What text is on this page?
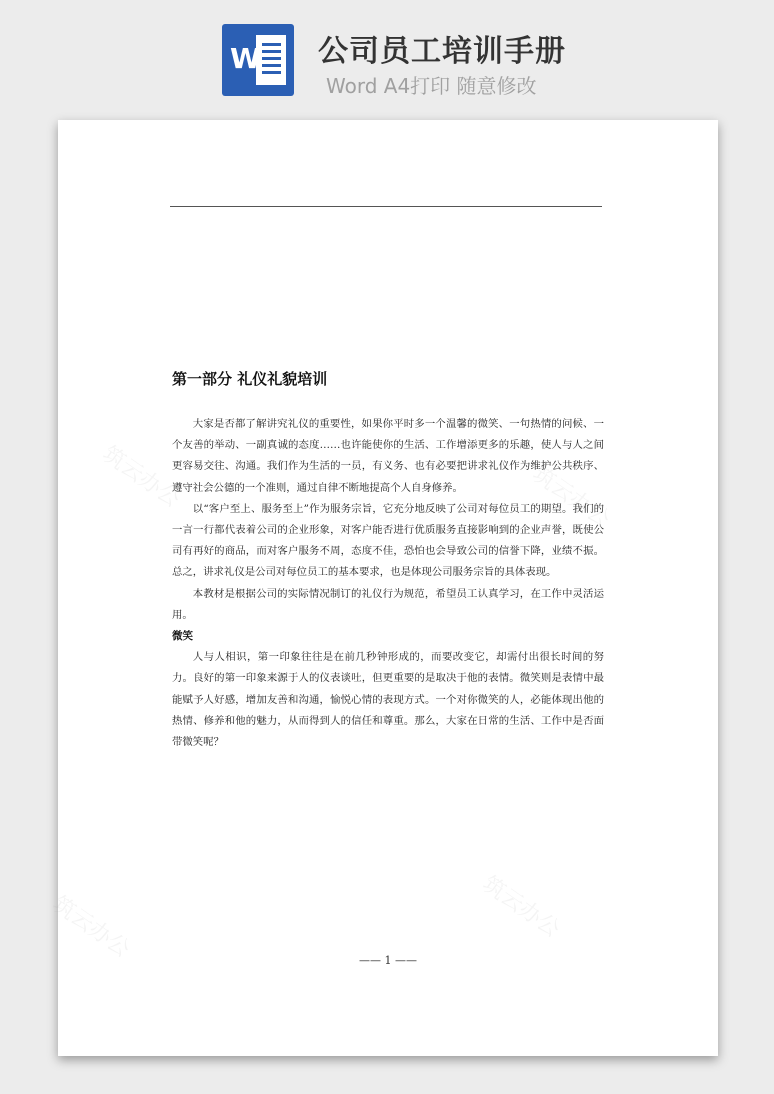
W 公司员工培训手册
Word A4打印 随意修改
筑云办公	筑云办公
筑云办公	筑云办公
第一部分 礼仪礼貌培训

大家是否都了解讲究礼仪的重要性，如果你平时多一个温馨的微笑、一句热情的问候、一个友善的举动、一副真诚的态度……也许能使你的生活、工作增添更多的乐趣，使人与人之间更容易交往、沟通。我们作为生活的一员，有义务、也有必要把讲求礼仪作为维护公共秩序、遵守社会公德的一个准则，通过自律不断地提高个人自身修养。

以“客户至上、服务至上”作为服务宗旨，它充分地反映了公司对每位员工的期望。我们的一言一行都代表着公司的企业形象，对客户能否进行优质服务直接影响到的企业声誉，既使公司有再好的商品，而对客户服务不周，态度不佳，恐怕也会导致公司的信誉下降，业绩不振。总之，讲求礼仪是公司对每位员工的基本要求，也是体现公司服务宗旨的具体表现。

本教材是根据公司的实际情况制订的礼仪行为规范，希望员工认真学习，在工作中灵活运用。

微笑

人与人相识，第一印象往往是在前几秒钟形成的，而要改变它，却需付出很长时间的努力。良好的第一印象来源于人的仪表谈吐，但更重要的是取决于他的表情。微笑则是表情中最能赋予人好感，增加友善和沟通，愉悦心情的表现方式。一个对你微笑的人，必能体现出他的热情、修养和他的魅力，从而得到人的信任和尊重。那么，大家在日常的生活、工作中是否面带微笑呢？

—— 1 ——
